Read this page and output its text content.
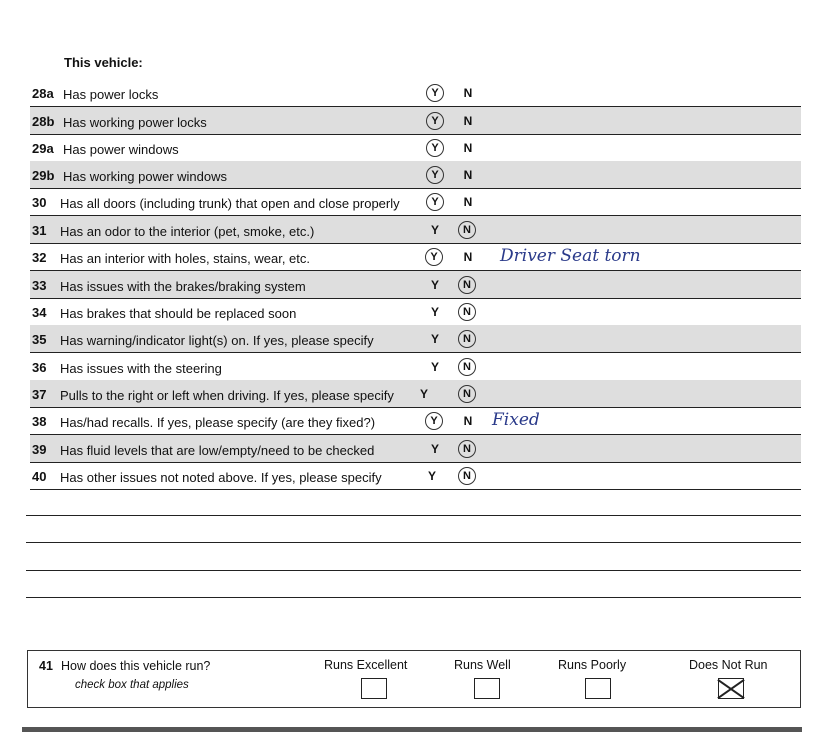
This vehicle:
28a Has power locks	Y	N
28b Has working power locks	Y	N
29a Has power windows	Y	N
29b Has working power windows	Y	N
30 Has all doors (including trunk) that open and close properly	Y	N
31 Has an odor to the interior (pet, smoke, etc.)	Y	N
32 Has an interior with holes, stains, wear, etc.	Y	N	Driver Seat torn
33 Has issues with the brakes/braking system	Y	N
34 Has brakes that should be replaced soon	Y	N
35 Has warning/indicator light(s) on. If yes, please specify	Y	N
36 Has issues with the steering	Y	N
37 Pulls to the right or left when driving. If yes, please specify	Y	N
38 Has/had recalls. If yes, please specify (are they fixed?)	Y	N	Fixed
39 Has fluid levels that are low/empty/need to be checked	Y	N
40 Has other issues not noted above. If yes, please specify	Y	N
41 How does this vehicle run?
check box that applies
Runs Excellent	Runs Well	Runs Poorly	Does Not Run
